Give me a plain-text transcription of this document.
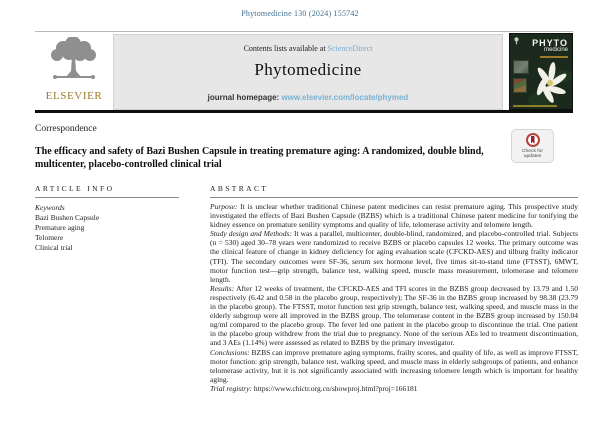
Phytomedicine 130 (2024) 155742
ELSEVIER
Contents lists available at ScienceDirect
Phytomedicine
journal homepage: www.elsevier.com/locate/phymed
PHYTO
medicine
Correspondence
Check for updates
The efficacy and safety of Bazi Bushen Capsule in treating premature aging: A randomized, double blind, multicenter, placebo-controlled clinical trial
ARTICLE INFO	ABSTRACT
Keywords
Bazi Bushen Capsule
Premature aging
Telomere
Clinical trial

Purpose: It is unclear whether traditional Chinese patent medicines can resist premature aging. This prospective study investigated the effects of Bazi Bushen Capsule (BZBS) which is a traditional Chinese patent medicine for tonifying the kidney essence on premature senility symptoms and quality of life, telomerase activity and telomere length.

Study design and Methods: It was a parallel, multicenter, double-blind, randomized, and placebo-controlled trial. Subjects (n = 530) aged 30–78 years were randomized to receive BZBS or placebo capsules 12 weeks. The primary outcome was the clinical feature of change in kidney deficiency for aging evaluation scale (CFCKD-AES) and tilburg frailty indicator (TFI). The secondary outcomes were SF-36, serum sex hormone level, five times sit-to-stand time (FTSST), 6MWT, motor function test—grip strength, balance test, walking speed, muscle mass measurement, telomerase and telomere length.

Results: After 12 weeks of treatment, the CFCKD-AES and TFI scores in the BZBS group decreased by 13.79 and 1.50 respectively (6.42 and 0.58 in the placebo group, respectively); The SF-36 in the BZBS group increased by 98.38 (23.79 in the placebo group). The FTSST, motor function test grip strength, balance test, walking speed, and muscle mass in the elderly subgroup were all improved in the BZBS group. The telomerase content in the BZBS group increased by 150.04 ng/ml compared to the placebo group. The fever led one patient in the placebo group to discontinue the trial. One patient in the placebo group withdrew from the trial due to pregnancy. None of the serious AEs led to treatment discontinuation, and 3 AEs (1.14%) were assessed as related to BZBS by the primary investigator.

Conclusions: BZBS can improve premature aging symptoms, frailty scores, and quality of life, as well as improve FTSST, motor function: grip strength, balance test, walking speed, and muscle mass in elderly subgroups of patients, and enhance telomerase activity, but it is not significantly associated with increasing telomere length which is important for healthy aging.

Trial registry: https://www.chictr.org.cn/showproj.html?proj=166181
